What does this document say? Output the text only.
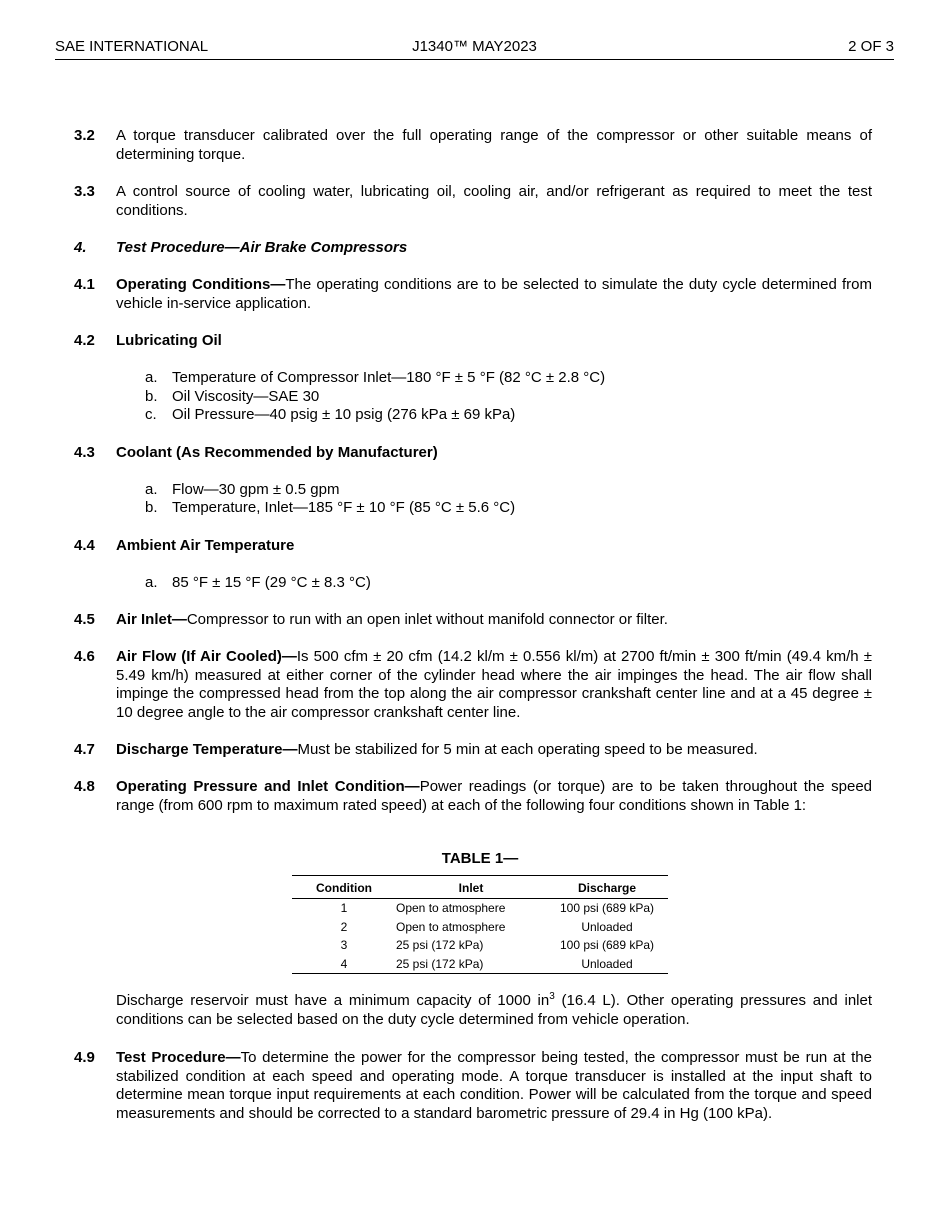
SAE INTERNATIONAL	J1340™ MAY2023	2 OF 3
3.2 A torque transducer calibrated over the full operating range of the compressor or other suitable means of determining torque.
3.3 A control source of cooling water, lubricating oil, cooling air, and/or refrigerant as required to meet the test conditions.
4. Test Procedure—Air Brake Compressors
4.1 Operating Conditions—The operating conditions are to be selected to simulate the duty cycle determined from vehicle in-service application.
4.2 Lubricating Oil
a. Temperature of Compressor Inlet—180 °F ± 5 °F (82 °C ± 2.8 °C)
b. Oil Viscosity—SAE 30
c. Oil Pressure—40 psig ± 10 psig (276 kPa ± 69 kPa)
4.3 Coolant (As Recommended by Manufacturer)
a. Flow—30 gpm ± 0.5 gpm
b. Temperature, Inlet—185 °F ± 10 °F (85 °C ± 5.6 °C)
4.4 Ambient Air Temperature
a. 85 °F ± 15 °F (29 °C ± 8.3 °C)
4.5 Air Inlet—Compressor to run with an open inlet without manifold connector or filter.
4.6 Air Flow (If Air Cooled)—Is 500 cfm ± 20 cfm (14.2 kl/m ± 0.556 kl/m) at 2700 ft/min ± 300 ft/min (49.4 km/h ± 5.49 km/h) measured at either corner of the cylinder head where the air impinges the head. The air flow shall impinge the compressed head from the top along the air compressor crankshaft center line and at a 45 degree ± 10 degree angle to the air compressor crankshaft center line.
4.7 Discharge Temperature—Must be stabilized for 5 min at each operating speed to be measured.
4.8 Operating Pressure and Inlet Condition—Power readings (or torque) are to be taken throughout the speed range (from 600 rpm to maximum rated speed) at each of the following four conditions shown in Table 1:
TABLE 1—
Condition	Inlet	Discharge
1	Open to atmosphere	100 psi (689 kPa)
2	Open to atmosphere	Unloaded
3	25 psi (172 kPa)	100 psi (689 kPa)
4	25 psi (172 kPa)	Unloaded
Discharge reservoir must have a minimum capacity of 1000 $in^3$ (16.4 L). Other operating pressures and inlet conditions can be selected based on the duty cycle determined from vehicle operation.
4.9 Test Procedure—To determine the power for the compressor being tested, the compressor must be run at the stabilized condition at each speed and operating mode. A torque transducer is installed at the input shaft to determine mean torque input requirements at each condition. Power will be calculated from the torque and speed measurements and should be corrected to a standard barometric pressure of 29.4 in Hg (100 kPa).
